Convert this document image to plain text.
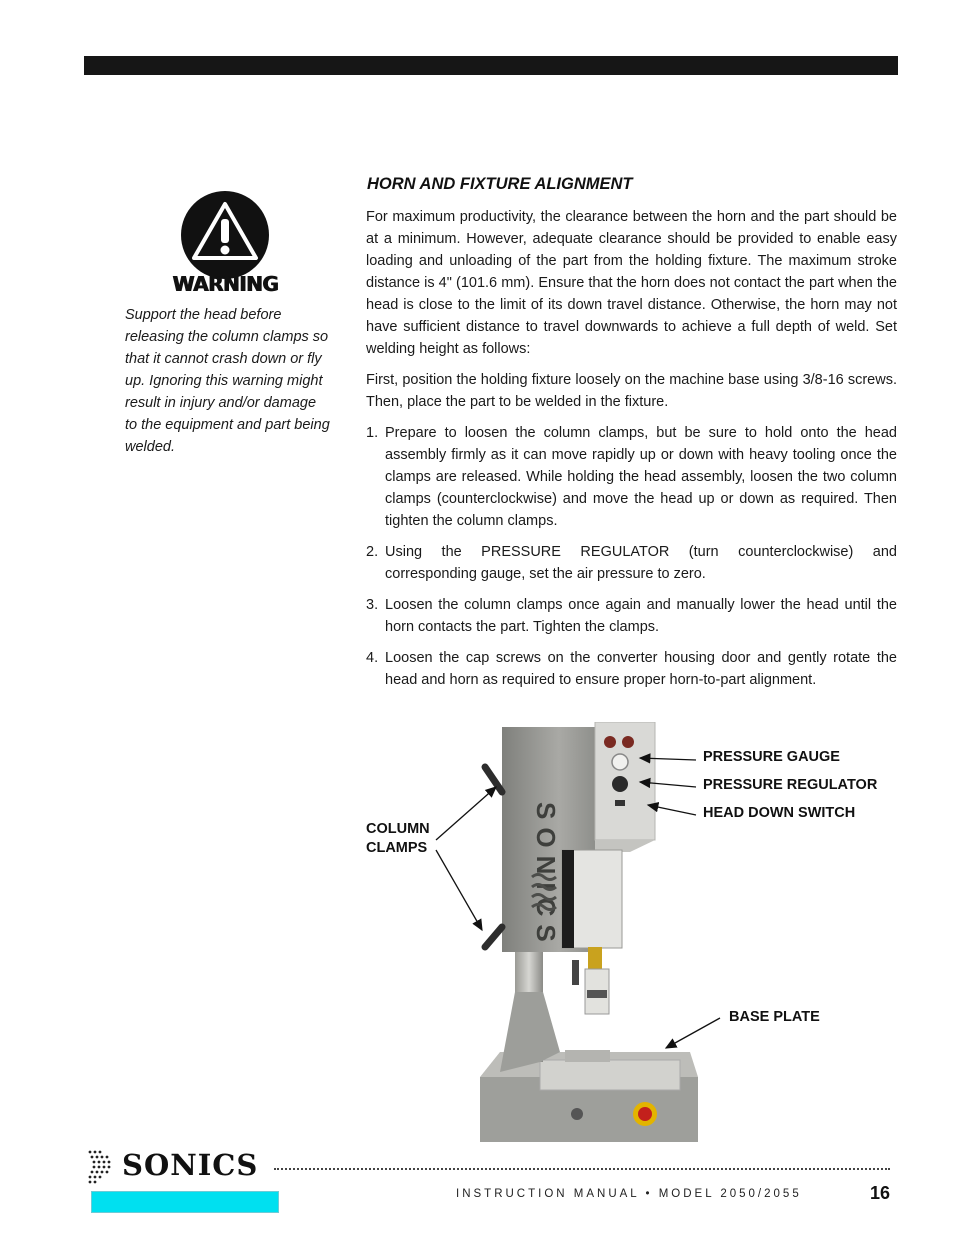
WARNING

Support the head before releasing the column clamps so that it cannot crash down or fly up. Ignoring this warning might result in injury and/or damage to the equipment and part being welded.

HORN AND FIXTURE ALIGNMENT

For maximum productivity, the clearance between the horn and the part should be at a minimum. However, adequate clearance should be provided to enable easy loading and unloading of the part from the holding fixture. The maximum stroke distance is 4" (101.6 mm). Ensure that the horn does not contact the part when the head is close to the limit of its down travel distance. Otherwise, the horn may not have sufficient distance to travel downwards to achieve a full depth of weld. Set welding height as follows:

First, position the holding fixture loosely on the machine base using 3/8-16 screws. Then, place the part to be welded in the fixture.

1. Prepare to loosen the column clamps, but be sure to hold onto the head assembly firmly as it can move rapidly up or down with heavy tooling once the clamps are released. While holding the head assembly, loosen the two column clamps (counterclockwise) and move the head up or down as required. Then tighten the column clamps.
2. Using the PRESSURE REGULATOR (turn counterclockwise) and corresponding gauge, set the air pressure to zero.
3. Loosen the column clamps once again and manually lower the head until the horn contacts the part. Tighten the clamps.
4. Loosen the cap screws on the converter housing door and gently rotate the head and horn as required to ensure proper horn-to-part alignment.
SONICS
PRESSURE GAUGE
PRESSURE REGULATOR
HEAD DOWN SWITCH
COLUMN
CLAMPS
BASE PLATE
SONICS
INSTRUCTION MANUAL • MODEL 2050/2055	16
